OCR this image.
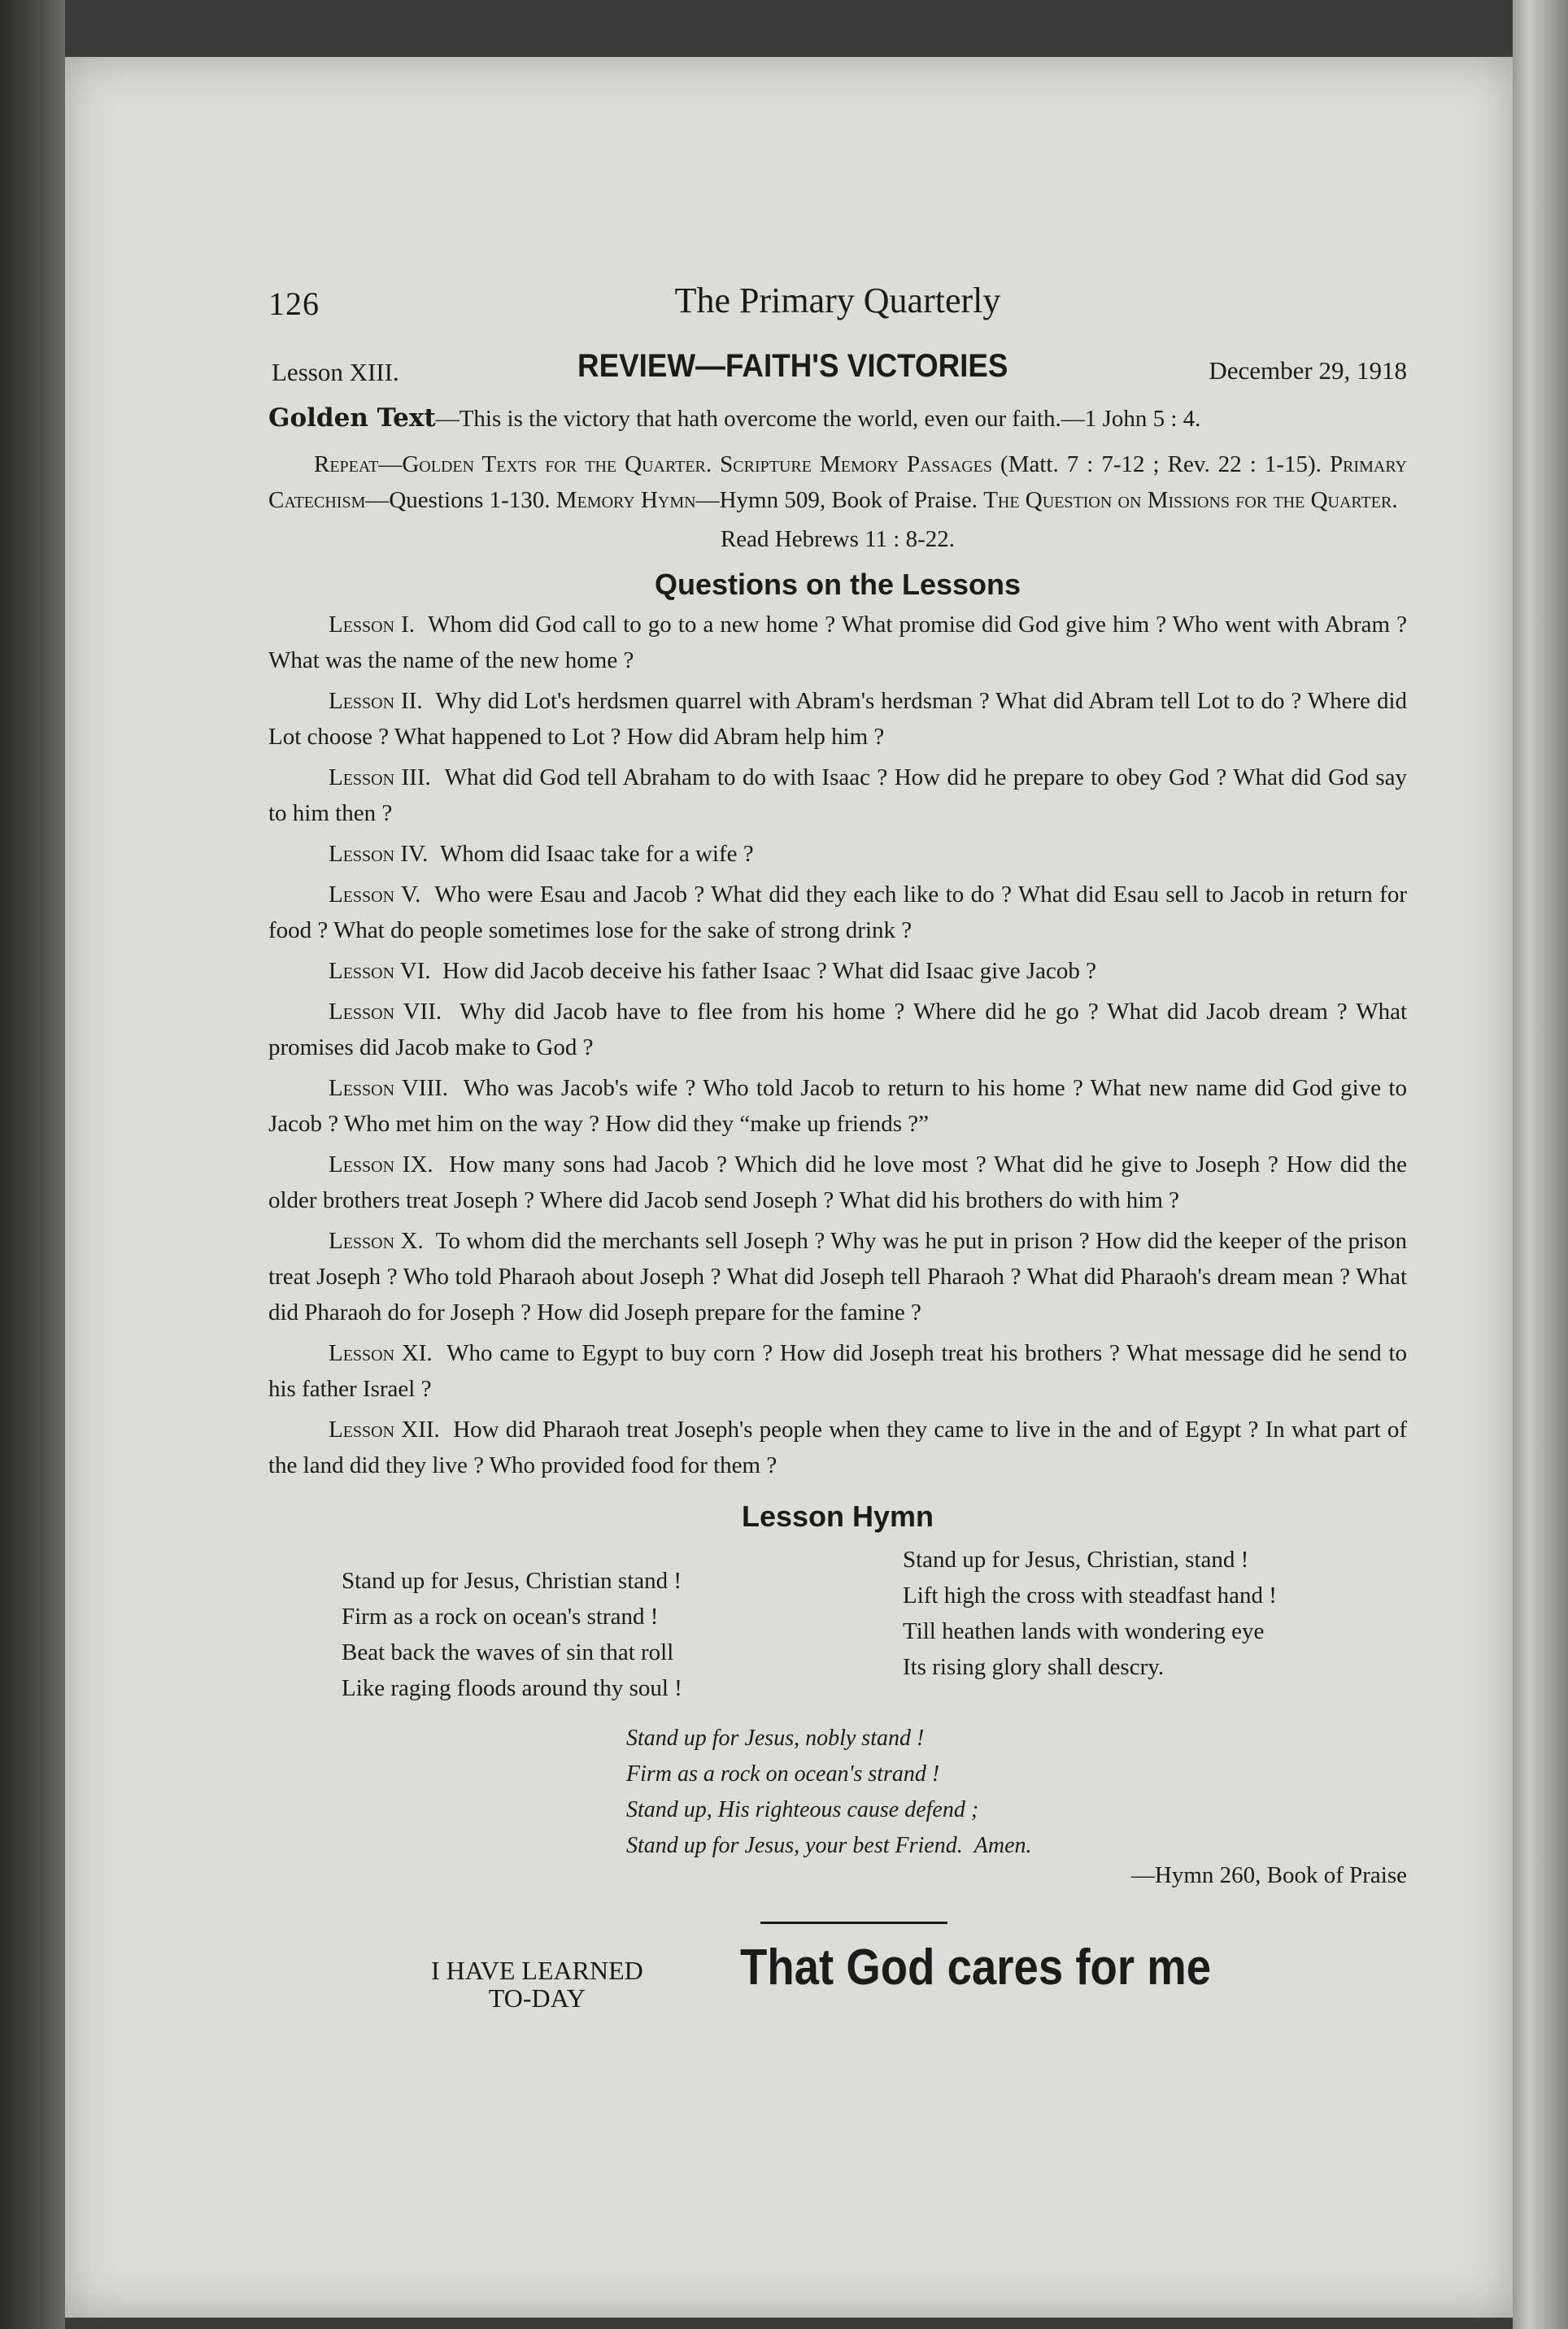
126	The Primary Quarterly
Lesson XIII.	REVIEW—FAITH'S VICTORIES	December 29, 1918

Golden Text—This is the victory that hath overcome the world, even our faith.—1 John 5 : 4.

Repeat—Golden Texts for the Quarter. Scripture Memory Passages (Matt. 7 : 7-12 ; Rev. 22 : 1-15). Primary Catechism—Questions 1-130. Memory Hymn—Hymn 509, Book of Praise. The Question on Missions for the Quarter.

Read Hebrews 11 : 8-22.
Questions on the Lessons

Lesson I. Whom did God call to go to a new home ? What promise did God give him ? Who went with Abram ? What was the name of the new home ?

Lesson II. Why did Lot's herdsmen quarrel with Abram's herdsman ? What did Abram tell Lot to do ? Where did Lot choose ? What happened to Lot ? How did Abram help him ?

Lesson III. What did God tell Abraham to do with Isaac ? How did he prepare to obey God ? What did God say to him then ?

Lesson IV. Whom did Isaac take for a wife ?

Lesson V. Who were Esau and Jacob ? What did they each like to do ? What did Esau sell to Jacob in return for food ? What do people sometimes lose for the sake of strong drink ?

Lesson VI. How did Jacob deceive his father Isaac ? What did Isaac give Jacob ?

Lesson VII. Why did Jacob have to flee from his home ? Where did he go ? What did Jacob dream ? What promises did Jacob make to God ?

Lesson VIII. Who was Jacob's wife ? Who told Jacob to return to his home ? What new name did God give to Jacob ? Who met him on the way ? How did they “make up friends ?”

Lesson IX. How many sons had Jacob ? Which did he love most ? What did he give to Joseph ? How did the older brothers treat Joseph ? Where did Jacob send Joseph ? What did his brothers do with him ?

Lesson X. To whom did the merchants sell Joseph ? Why was he put in prison ? How did the keeper of the prison treat Joseph ? Who told Pharaoh about Joseph ? What did Joseph tell Pharaoh ? What did Pharaoh's dream mean ? What did Pharaoh do for Joseph ? How did Joseph prepare for the famine ?

Lesson XI. Who came to Egypt to buy corn ? How did Joseph treat his brothers ? What message did he send to his father Israel ?

Lesson XII. How did Pharaoh treat Joseph's people when they came to live in the and of Egypt ? In what part of the land did they live ? Who provided food for them ?

Lesson Hymn
Stand up for Jesus, Christian stand !
Firm as a rock on ocean's strand !
Beat back the waves of sin that roll
Like raging floods around thy soul !
Stand up for Jesus, Christian, stand !
Lift high the cross with steadfast hand !
Till heathen lands with wondering eye
Its rising glory shall descry.
Stand up for Jesus, nobly stand !
Firm as a rock on ocean's strand !
Stand up, His righteous cause defend ;
Stand up for Jesus, your best Friend. Amen.
—Hymn 260, Book of Praise
I HAVE LEARNED
TO-DAY
That God cares for me
